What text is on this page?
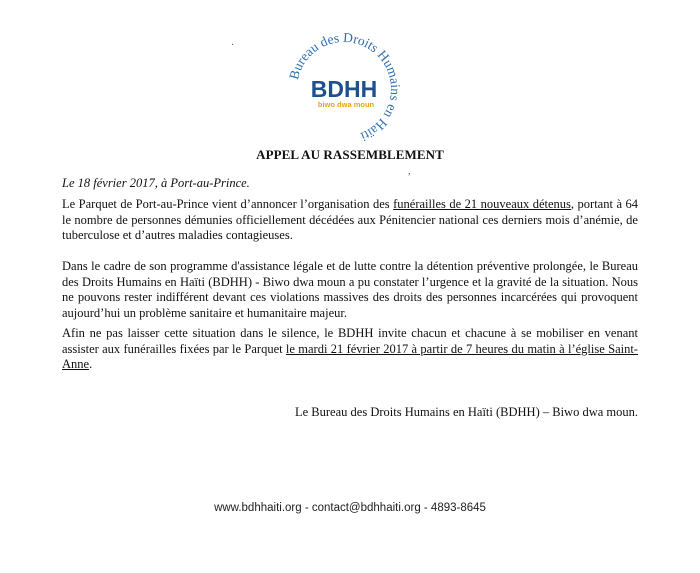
Bureau des Droits Humains en Haïti
BDHH
biwo dwa moun
·
,
APPEL AU RASSEMBLEMENT
Le 18 février 2017, à Port-au-Prince.
Le Parquet de Port-au-Prince vient d’annoncer l’organisation des funérailles de 21 nouveaux détenus, portant à 64 le nombre de personnes démunies officiellement décédées aux Pénitencier national ces derniers mois d’anémie, de tuberculose et d’autres maladies contagieuses.
Dans le cadre de son programme d'assistance légale et de lutte contre la détention préventive prolongée, le Bureau des Droits Humains en Haïti (BDHH) - Biwo dwa moun a pu constater l’urgence et la gravité de la situation. Nous ne pouvons rester indifférent devant ces violations massives des droits des personnes incarcérées qui provoquent aujourd’hui un problème sanitaire et humanitaire majeur.
Afin ne pas laisser cette situation dans le silence, le BDHH invite chacun et chacune à se mobiliser en venant assister aux funérailles fixées par le Parquet le mardi 21 février 2017 à partir de 7 heures du matin à l’église Saint-Anne.
Le Bureau des Droits Humains en Haïti (BDHH) – Biwo dwa moun.
www.bdhhaiti.org - contact@bdhhaiti.org - 4893-8645
